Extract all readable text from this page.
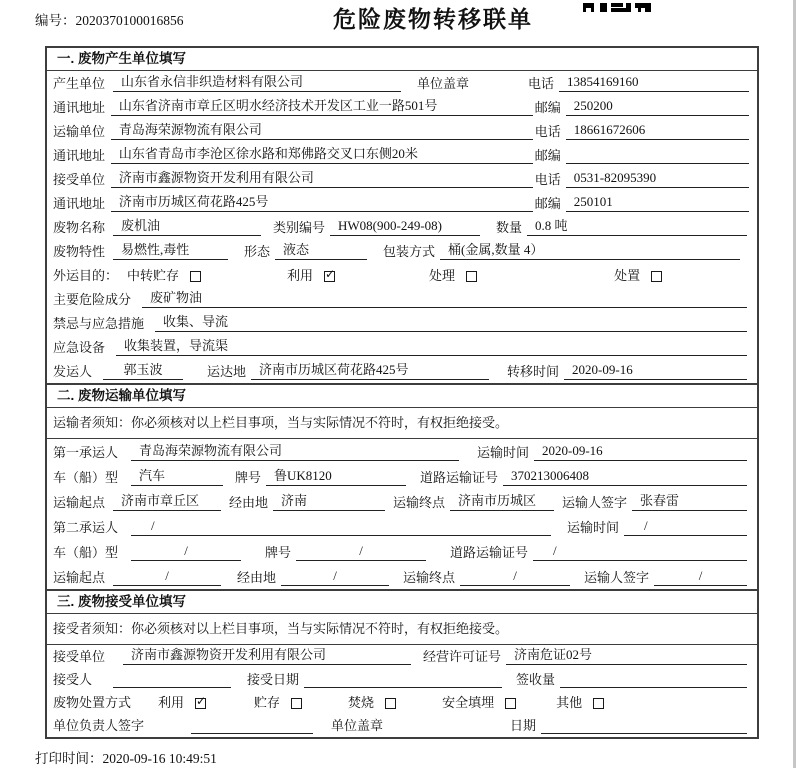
编号：2020370100016856	危险废物转移联单
一. 废物产生单位填写
产生单位	山东省永信非织造材料有限公司	单位盖章	电话	13854169160
通讯地址	山东省济南市章丘区明水经济技术开发区工业一路501号	邮编	250200
运输单位	青岛海荣源物流有限公司	电话	18661672606
通讯地址	山东省青岛市李沧区徐水路和郑佛路交叉口东侧20米	邮编
接受单位	济南市鑫源物资开发利用有限公司	电话	0531-82095390
通讯地址	济南市历城区荷花路425号	邮编	250101
废物名称	废机油	类别编号	HW08(900-249-08)	数量	0.8 吨
废物特性	易燃性,毒性	形态	液态	包装方式	桶(金属,数量 4）
外运目的： 中转贮存	利用 ✓	处理	处置
主要危险成分	废矿物油
禁忌与应急措施	收集、导流
应急设备	收集装置，导流渠
发运人	郭玉波	运达地	济南市历城区荷花路425号	转移时间	2020-09-16
二. 废物运输单位填写
运输者须知：你必须核对以上栏目事项，当与实际情况不符时，有权拒绝接受。
第一承运人	青岛海荣源物流有限公司	运输时间	2020-09-16
车（船）型	汽车	牌号	鲁UK8120	道路运输证号	370213006408
运输起点	济南市章丘区	经由地	济南	运输终点	济南市历城区	运输人签字	张春雷
第二承运人	/	运输时间	/
车（船）型	/	牌号	/	道路运输证号	/
运输起点	/	经由地	/	运输终点	/	运输人签字	/
三. 废物接受单位填写
接受者须知：你必须核对以上栏目事项，当与实际情况不符时，有权拒绝接受。
接受单位	济南市鑫源物资开发利用有限公司	经营许可证号	济南危证02号
接受人	接受日期	签收量
废物处置方式	利用 ✓	贮存	焚烧	安全填埋	其他
单位负责人签字	单位盖章	日期
打印时间：2020-09-16 10:49:51
